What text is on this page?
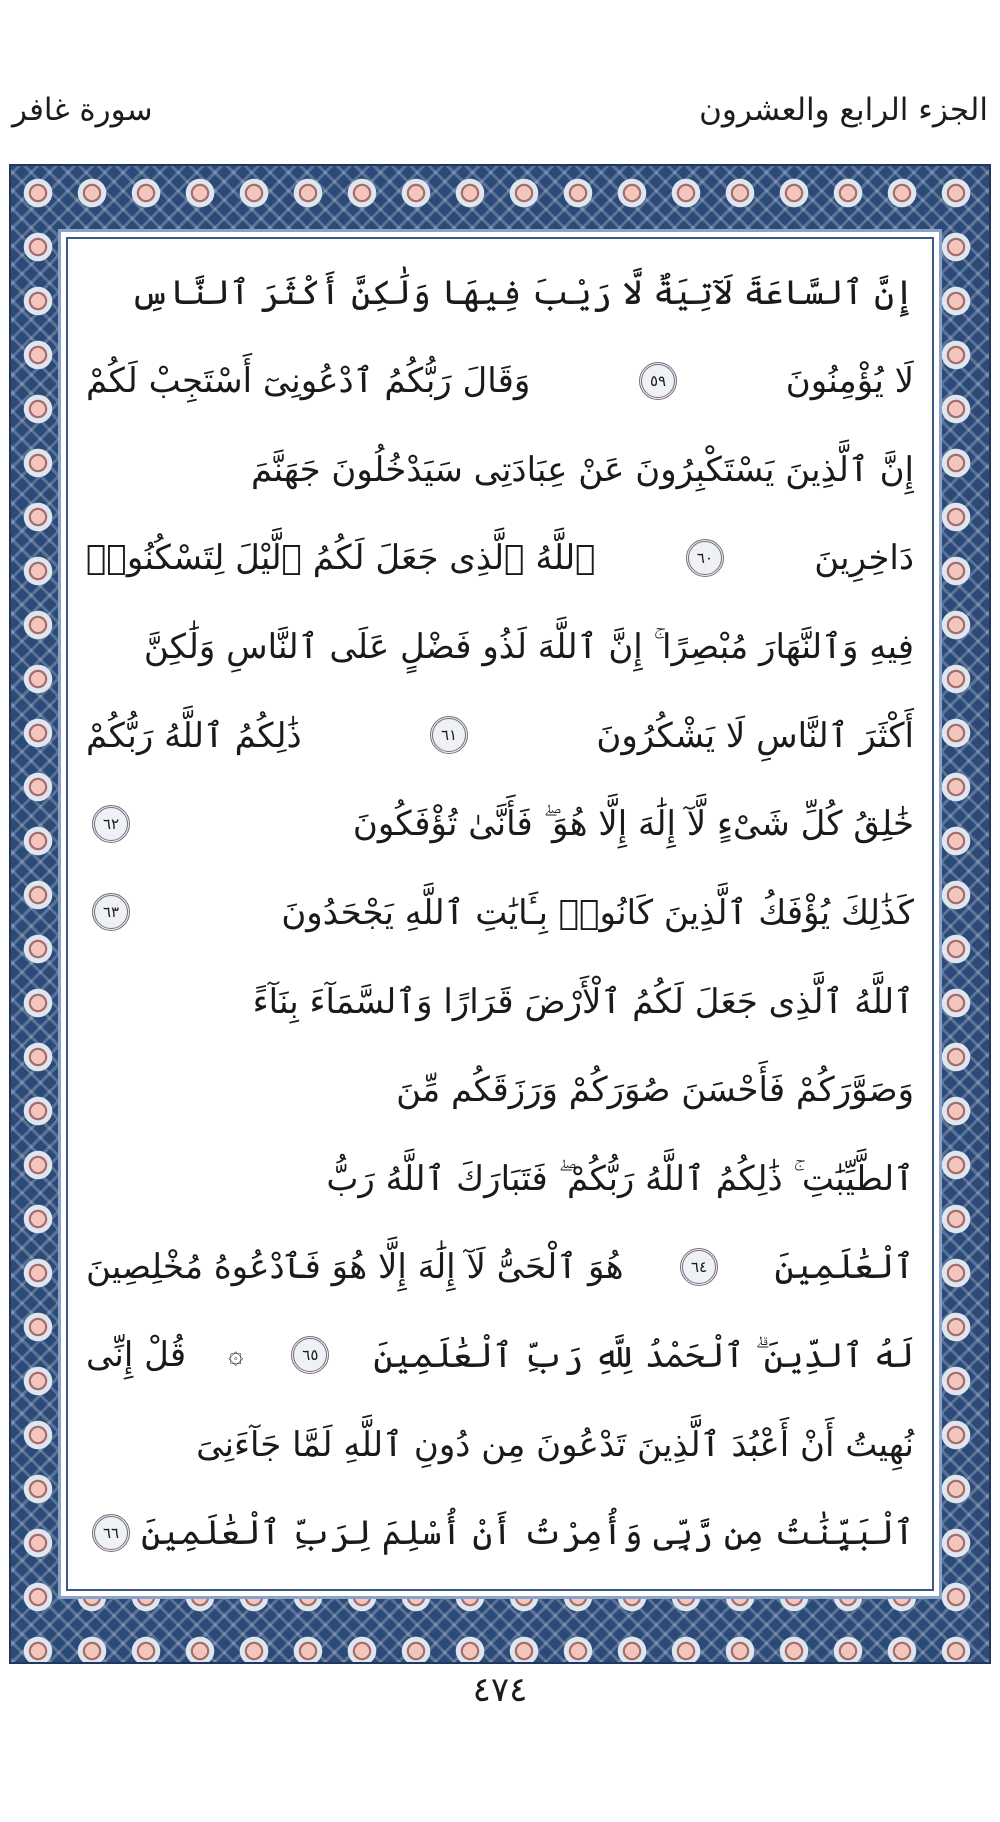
الجزء الرابع والعشرون
سورة غافر
إِنَّ ٱلسَّاعَةَ لَآتِيَةٌ لَّا رَيْبَ فِيهَا وَلَٰكِنَّ أَكْثَرَ ٱلنَّاسِ
لَا يُؤْمِنُونَ
٥٩
وَقَالَ رَبُّكُمُ ٱدْعُونِىٓ أَسْتَجِبْ لَكُمْ
إِنَّ ٱلَّذِينَ يَسْتَكْبِرُونَ عَنْ عِبَادَتِى سَيَدْخُلُونَ جَهَنَّمَ
دَاخِرِينَ
٦٠
ٱللَّهُ ٱلَّذِى جَعَلَ لَكُمُ ٱلَّيْلَ لِتَسْكُنُوا۟
فِيهِ وَٱلنَّهَارَ مُبْصِرًا ۚ إِنَّ ٱللَّهَ لَذُو فَضْلٍ عَلَى ٱلنَّاسِ وَلَٰكِنَّ
أَكْثَرَ ٱلنَّاسِ لَا يَشْكُرُونَ
٦١
ذَٰلِكُمُ ٱللَّهُ رَبُّكُمْ
خَٰلِقُ كُلِّ شَىْءٍ لَّآ إِلَٰهَ إِلَّا هُوَ ۖ فَأَنَّىٰ تُؤْفَكُونَ
٦٢
كَذَٰلِكَ يُؤْفَكُ ٱلَّذِينَ كَانُوا۟ بِـَٔايَٰتِ ٱللَّهِ يَجْحَدُونَ
٦٣
ٱللَّهُ ٱلَّذِى جَعَلَ لَكُمُ ٱلْأَرْضَ قَرَارًا وَٱلسَّمَآءَ بِنَآءً
وَصَوَّرَكُمْ فَأَحْسَنَ صُوَرَكُمْ وَرَزَقَكُم مِّنَ
ٱلطَّيِّبَٰتِ ۚ ذَٰلِكُمُ ٱللَّهُ رَبُّكُمْ ۖ فَتَبَارَكَ ٱللَّهُ رَبُّ
ٱلْعَٰلَمِينَ
٦٤
هُوَ ٱلْحَىُّ لَآ إِلَٰهَ إِلَّا هُوَ فَٱدْعُوهُ مُخْلِصِينَ
لَهُ ٱلدِّينَ ۗ ٱلْحَمْدُ لِلَّهِ رَبِّ ٱلْعَٰلَمِينَ
٦٥
۞
قُلْ إِنِّى
نُهِيتُ أَنْ أَعْبُدَ ٱلَّذِينَ تَدْعُونَ مِن دُونِ ٱللَّهِ لَمَّا جَآءَنِىَ
ٱلْبَيِّنَٰتُ مِن رَّبِّى وَأُمِرْتُ أَنْ أُسْلِمَ لِرَبِّ ٱلْعَٰلَمِينَ
٦٦
٤٧٤
